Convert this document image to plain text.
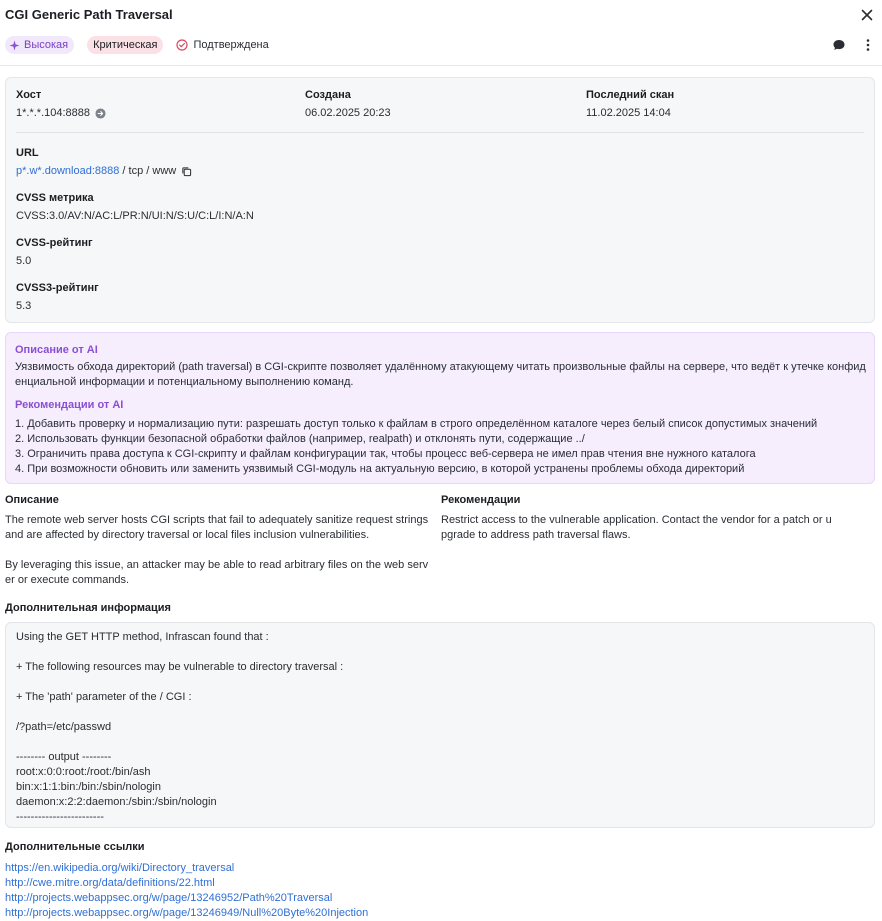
CGI Generic Path Traversal
Высокая Критическая	Подтверждена
Хост
1*.*.*.104:8888
Создана
06.02.2025 20:23
Последний скан
11.02.2025 14:04
URL
p*.w*.download:8888 / tcp / www
CVSS метрика
CVSS:3.0/AV:N/AC:L/PR:N/UI:N/S:U/C:L/I:N/A:N
CVSS-рейтинг
5.0
CVSS3-рейтинг
5.3
Описание от AI
Уязвимость обхода директорий (path traversal) в CGI-скрипте позволяет удалённому атакующему читать произвольные файлы на сервере, что ведёт к утечке конфиденциальной информации и потенциальному выполнению команд.
Рекомендации от AI
1. Добавить проверку и нормализацию пути: разрешать доступ только к файлам в строго определённом каталоге через белый список допустимых значений
2. Использовать функции безопасной обработки файлов (например, realpath) и отклонять пути, содержащие ../
3. Ограничить права доступа к CGI-скрипту и файлам конфигурации так, чтобы процесс веб-сервера не имел прав чтения вне нужного каталога
4. При возможности обновить или заменить уязвимый CGI-модуль на актуальную версию, в которой устранены проблемы обхода директорий
Описание
The remote web server hosts CGI scripts that fail to adequately sanitize request strings and are affected by directory traversal or local files inclusion vulnerabilities.
By leveraging this issue, an attacker may be able to read arbitrary files on the web server or execute commands.
Рекомендации
Restrict access to the vulnerable application. Contact the vendor for a patch or upgrade to address path traversal flaws.
Дополнительная информация
Using the GET HTTP method, Infrascan found that :

+ The following resources may be vulnerable to directory traversal :

+ The 'path' parameter of the / CGI :

/?path=/etc/passwd

-------- output --------
root:x:0:0:root:/root:/bin/ash
bin:x:1:1:bin:/bin:/sbin/nologin
daemon:x:2:2:daemon:/sbin:/sbin/nologin
------------------------
Дополнительные ссылки
https://en.wikipedia.org/wiki/Directory_traversal
http://cwe.mitre.org/data/definitions/22.html
http://projects.webappsec.org/w/page/13246952/Path%20Traversal
http://projects.webappsec.org/w/page/13246949/Null%20Byte%20Injection
